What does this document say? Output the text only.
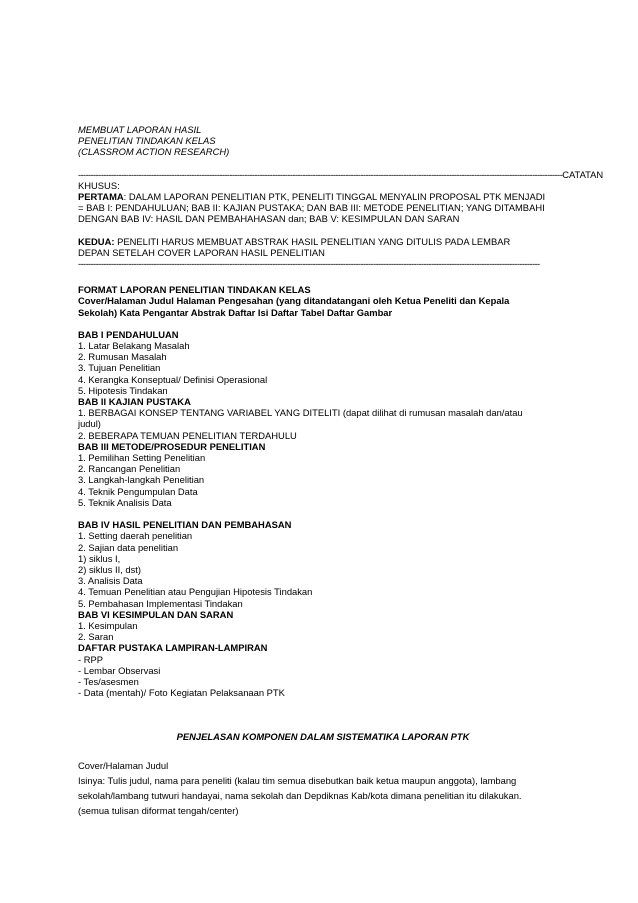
MEMBUAT LAPORAN HASIL
PENELITIAN TINDAKAN KELAS
(CLASSROM ACTION RESEARCH)
------------------------------------------------------------------------------------------------------------------------------------------------------------------------------------------------ CATATAN
KHUSUS:
PERTAMA: DALAM LAPORAN PENELITIAN PTK, PENELITI TINGGAL MENYALIN PROPOSAL PTK MENJADI
= BAB I: PENDAHULUAN; BAB II: KAJIAN PUSTAKA; DAN BAB III: METODE PENELITIAN; YANG DITAMBAHI
DENGAN BAB IV: HASIL DAN PEMBAHAHASAN dan; BAB V: KESIMPULAN DAN SARAN
KEDUA: PENELITI HARUS MEMBUAT ABSTRAK HASIL PENELITIAN YANG DITULIS PADA LEMBAR
DEPAN SETELAH COVER LAPORAN HASIL PENELITIAN
---------------------------------------------------------------------------------------------------------------------------------------------------------------------------------------
FORMAT LAPORAN PENELITIAN TINDAKAN KELAS
Cover/Halaman Judul Halaman Pengesahan (yang ditandatangani oleh Ketua Peneliti dan Kepala
Sekolah) Kata Pengantar Abstrak Daftar Isi Daftar Tabel Daftar Gambar
BAB I PENDAHULUAN
1. Latar Belakang Masalah
2. Rumusan Masalah
3. Tujuan Penelitian
4. Kerangka Konseptual/ Definisi Operasional
5. Hipotesis Tindakan
BAB II KAJIAN PUSTAKA
1. BERBAGAI KONSEP TENTANG VARIABEL YANG DITELITI (dapat dilihat di rumusan masalah dan/atau
judul)
2. BEBERAPA TEMUAN PENELITIAN TERDAHULU
BAB III METODE/PROSEDUR PENELITIAN
1. Pemilihan Setting Penelitian
2. Rancangan Penelitian
3. Langkah-langkah Penelitian
4. Teknik Pengumpulan Data
5. Teknik Analisis Data
BAB IV HASIL PENELITIAN DAN PEMBAHASAN
1. Setting daerah penelitian
2. Sajian data penelitian
1) siklus I,
2) siklus II, dst)
3. Analisis Data
4. Temuan Penelitian atau Pengujian Hipotesis Tindakan
5. Pembahasan Implementasi Tindakan
BAB VI KESIMPULAN DAN SARAN
1. Kesimpulan
2. Saran
DAFTAR PUSTAKA LAMPIRAN-LAMPIRAN
- RPP
- Lembar Observasi
- Tes/asesmen
- Data (mentah)/ Foto Kegiatan Pelaksanaan PTK
PENJELASAN KOMPONEN DALAM SISTEMATIKA LAPORAN PTK
Cover/Halaman Judul
Isinya: Tulis judul, nama para peneliti (kalau tim semua disebutkan baik ketua maupun anggota), lambang
sekolah/lambang tutwuri handayai, nama sekolah dan Depdiknas Kab/kota dimana penelitian itu dilakukan.
(semua tulisan diformat tengah/center)
